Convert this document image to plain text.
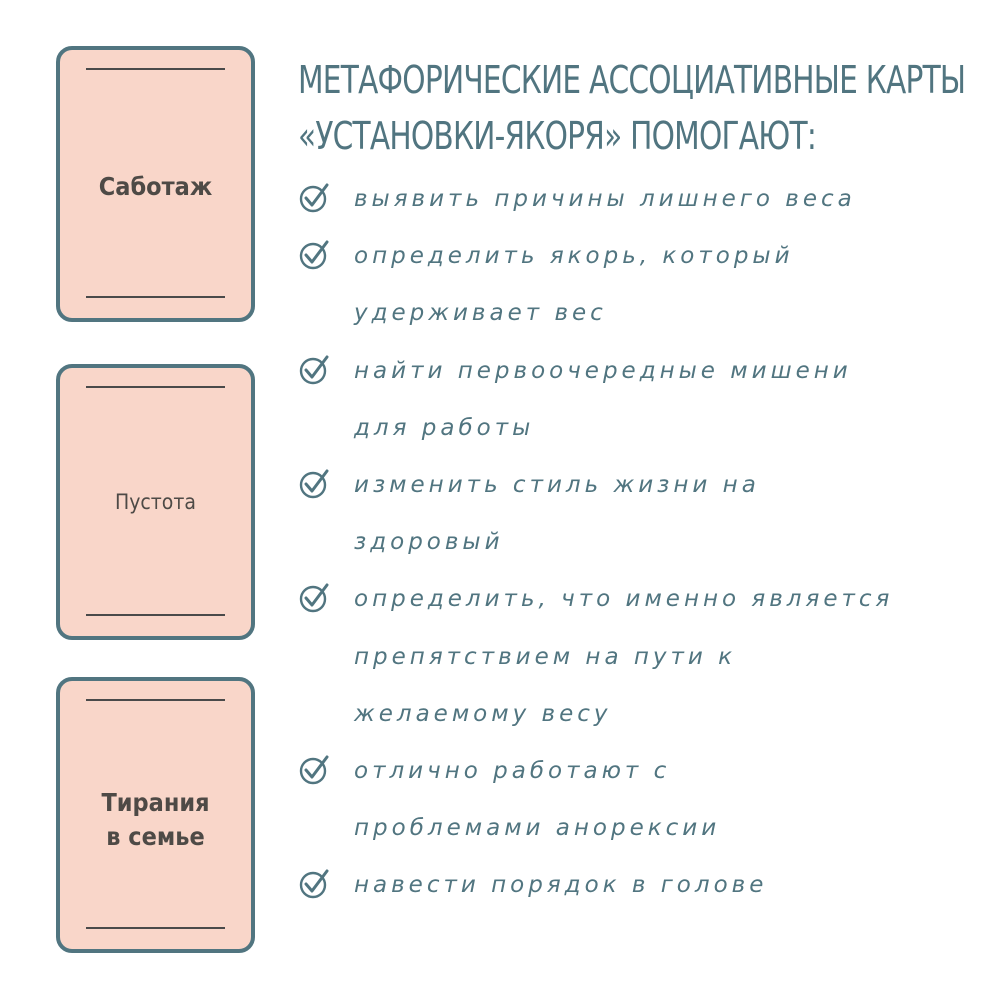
Саботаж
Пустота
Тирания
в семье
МЕТАФОРИЧЕСКИЕ АССОЦИАТИВНЫЕ КАРТЫ
«УСТАНОВКИ-ЯКОРЯ» ПОМОГАЮТ:
выявить причины лишнего веса
определить якорь, который удерживает вес
найти первоочередные мишени для работы
изменить стиль жизни на здоровый
определить, что именно является препятствием на пути к желаемому весу
отлично работают с проблемами анорексии
навести порядок в голове
